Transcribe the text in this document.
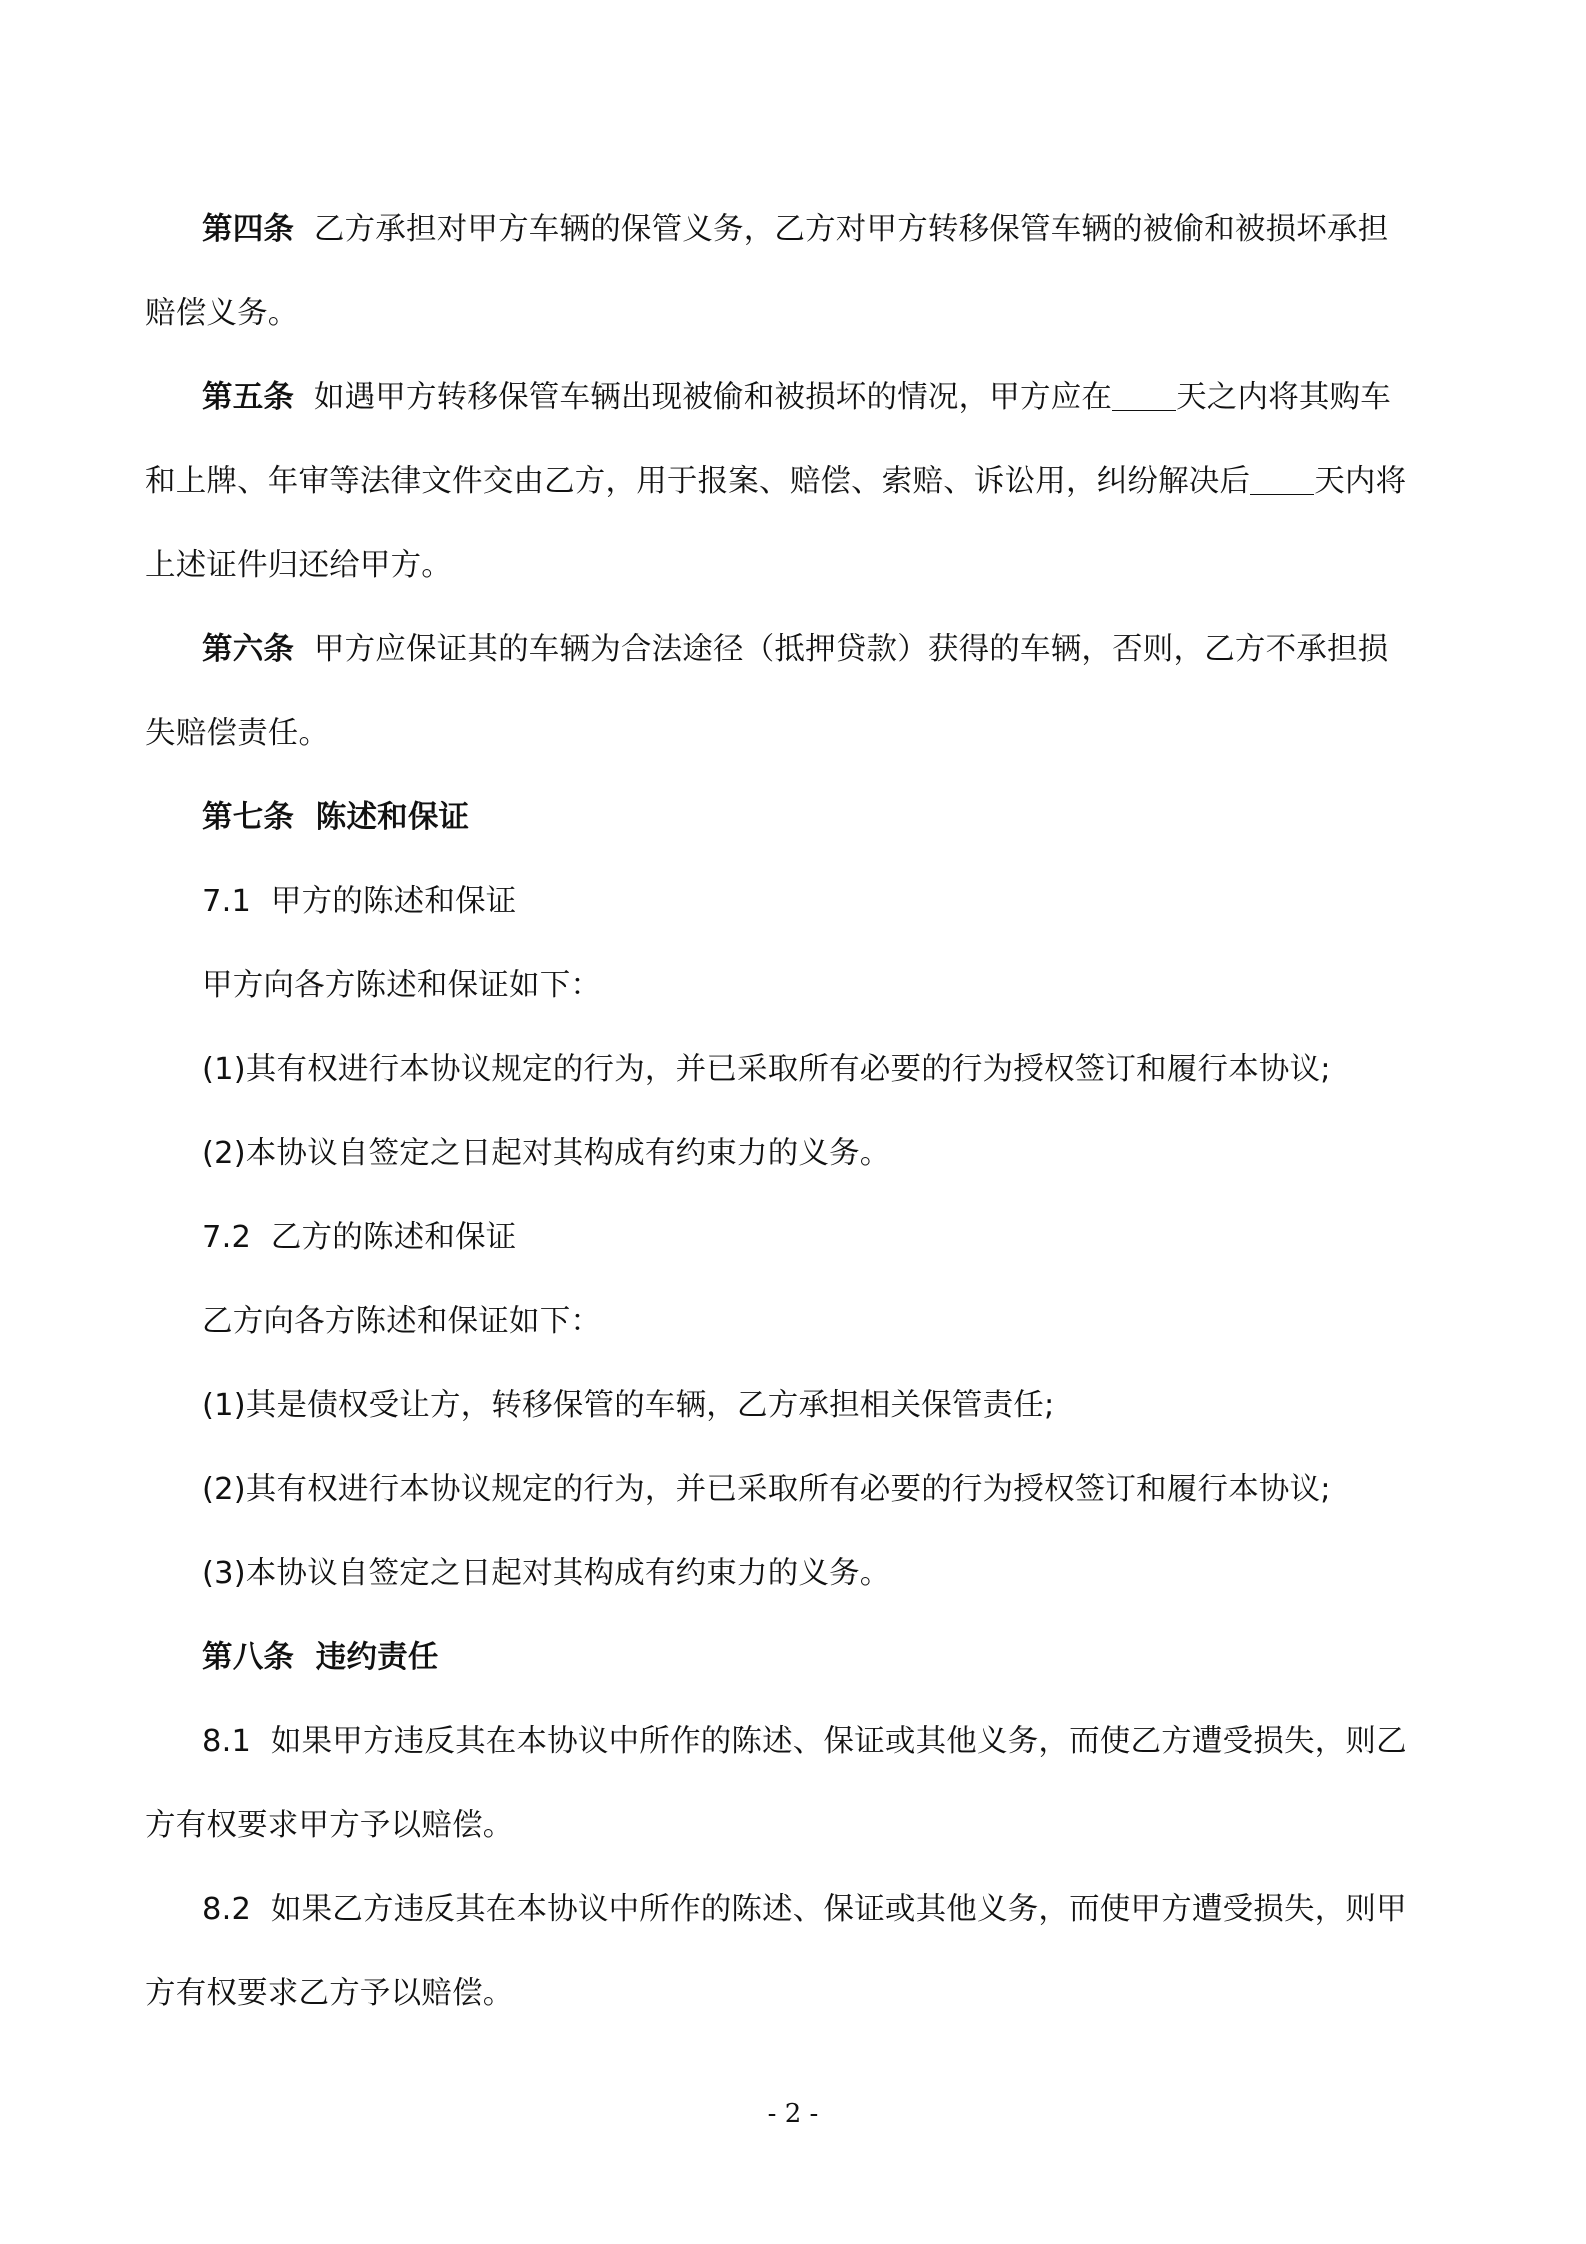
第四条 乙方承担对甲方车辆的保管义务，乙方对甲方转移保管车辆的被偷和被损坏承担

赔偿义务。

第五条 如遇甲方转移保管车辆出现被偷和被损坏的情况，甲方应在 天之内将其购车

和上牌、年审等法律文件交由乙方，用于报案、赔偿、索赔、诉讼用，纠纷解决后 天内将

上述证件归还给甲方。

第六条 甲方应保证其的车辆为合法途径（抵押贷款）获得的车辆，否则，乙方不承担损

失赔偿责任。

第七条 陈述和保证

7.1 甲方的陈述和保证

甲方向各方陈述和保证如下：

(1)其有权进行本协议规定的行为，并已采取所有必要的行为授权签订和履行本协议;

(2)本协议自签定之日起对其构成有约束力的义务。

7.2 乙方的陈述和保证

乙方向各方陈述和保证如下：

(1)其是债权受让方，转移保管的车辆，乙方承担相关保管责任;

(2)其有权进行本协议规定的行为，并已采取所有必要的行为授权签订和履行本协议;

(3)本协议自签定之日起对其构成有约束力的义务。

第八条 违约责任

8.1 如果甲方违反其在本协议中所作的陈述、保证或其他义务，而使乙方遭受损失，则乙

方有权要求甲方予以赔偿。

8.2 如果乙方违反其在本协议中所作的陈述、保证或其他义务，而使甲方遭受损失，则甲

方有权要求乙方予以赔偿。

- 2 -
